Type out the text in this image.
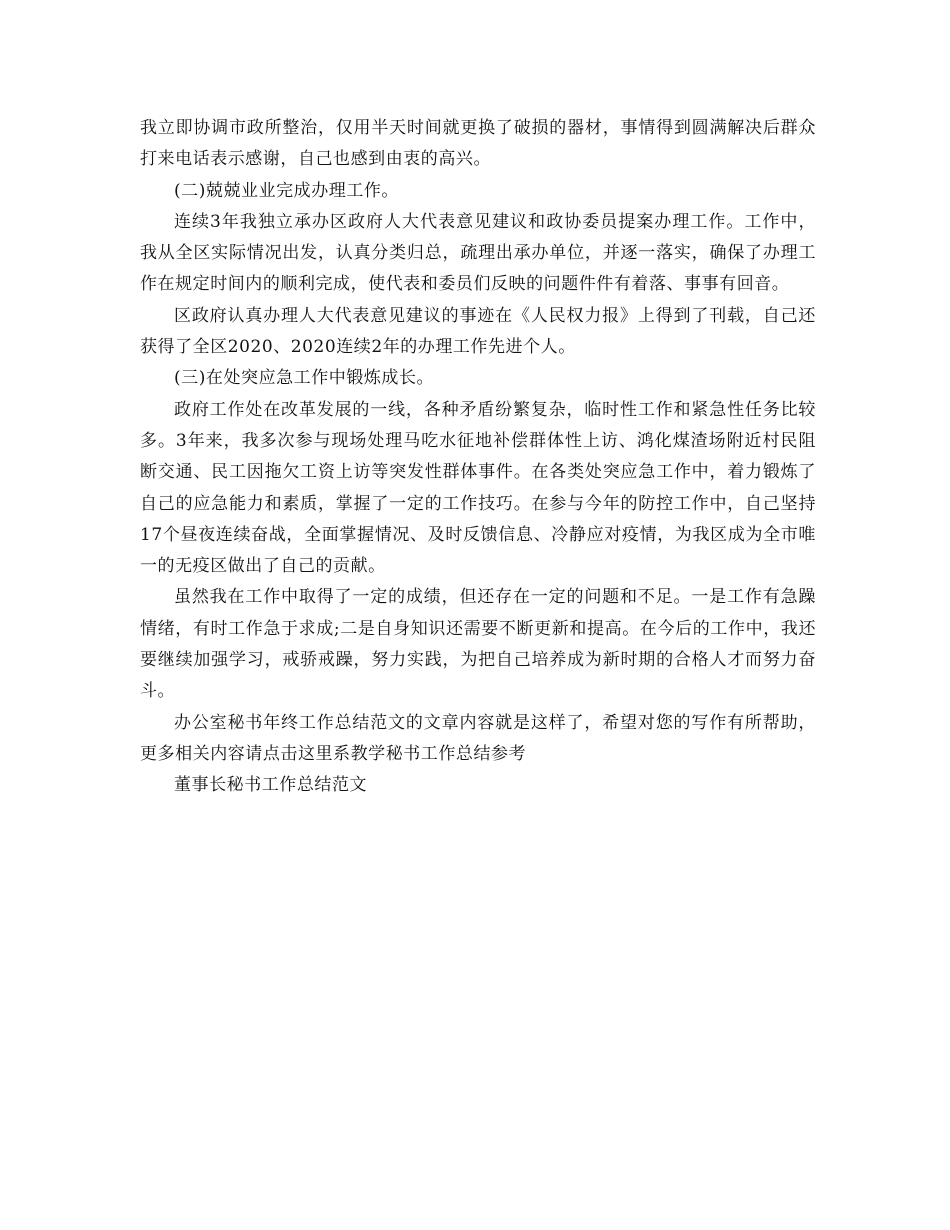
我立即协调市政所整治，仅用半天时间就更换了破损的器材，事情得到圆满解决后群众打来电话表示感谢，自己也感到由衷的高兴。

(二)兢兢业业完成办理工作。

连续3年我独立承办区政府人大代表意见建议和政协委员提案办理工作。工作中，我从全区实际情况出发，认真分类归总，疏理出承办单位，并逐一落实，确保了办理工作在规定时间内的顺利完成，使代表和委员们反映的问题件件有着落、事事有回音。

区政府认真办理人大代表意见建议的事迹在《人民权力报》上得到了刊载，自己还获得了全区2020、2020连续2年的办理工作先进个人。

(三)在处突应急工作中锻炼成长。

政府工作处在改革发展的一线，各种矛盾纷繁复杂，临时性工作和紧急性任务比较多。3年来，我多次参与现场处理马吃水征地补偿群体性上访、鸿化煤渣场附近村民阻断交通、民工因拖欠工资上访等突发性群体事件。在各类处突应急工作中，着力锻炼了自己的应急能力和素质，掌握了一定的工作技巧。在参与今年的防控工作中，自己坚持17个昼夜连续奋战，全面掌握情况、及时反馈信息、冷静应对疫情，为我区成为全市唯一的无疫区做出了自己的贡献。

虽然我在工作中取得了一定的成绩，但还存在一定的问题和不足。一是工作有急躁情绪，有时工作急于求成;二是自身知识还需要不断更新和提高。在今后的工作中，我还要继续加强学习，戒骄戒躁，努力实践，为把自己培养成为新时期的合格人才而努力奋斗。

办公室秘书年终工作总结范文的文章内容就是这样了，希望对您的写作有所帮助，更多相关内容请点击这里系教学秘书工作总结参考

董事长秘书工作总结范文
